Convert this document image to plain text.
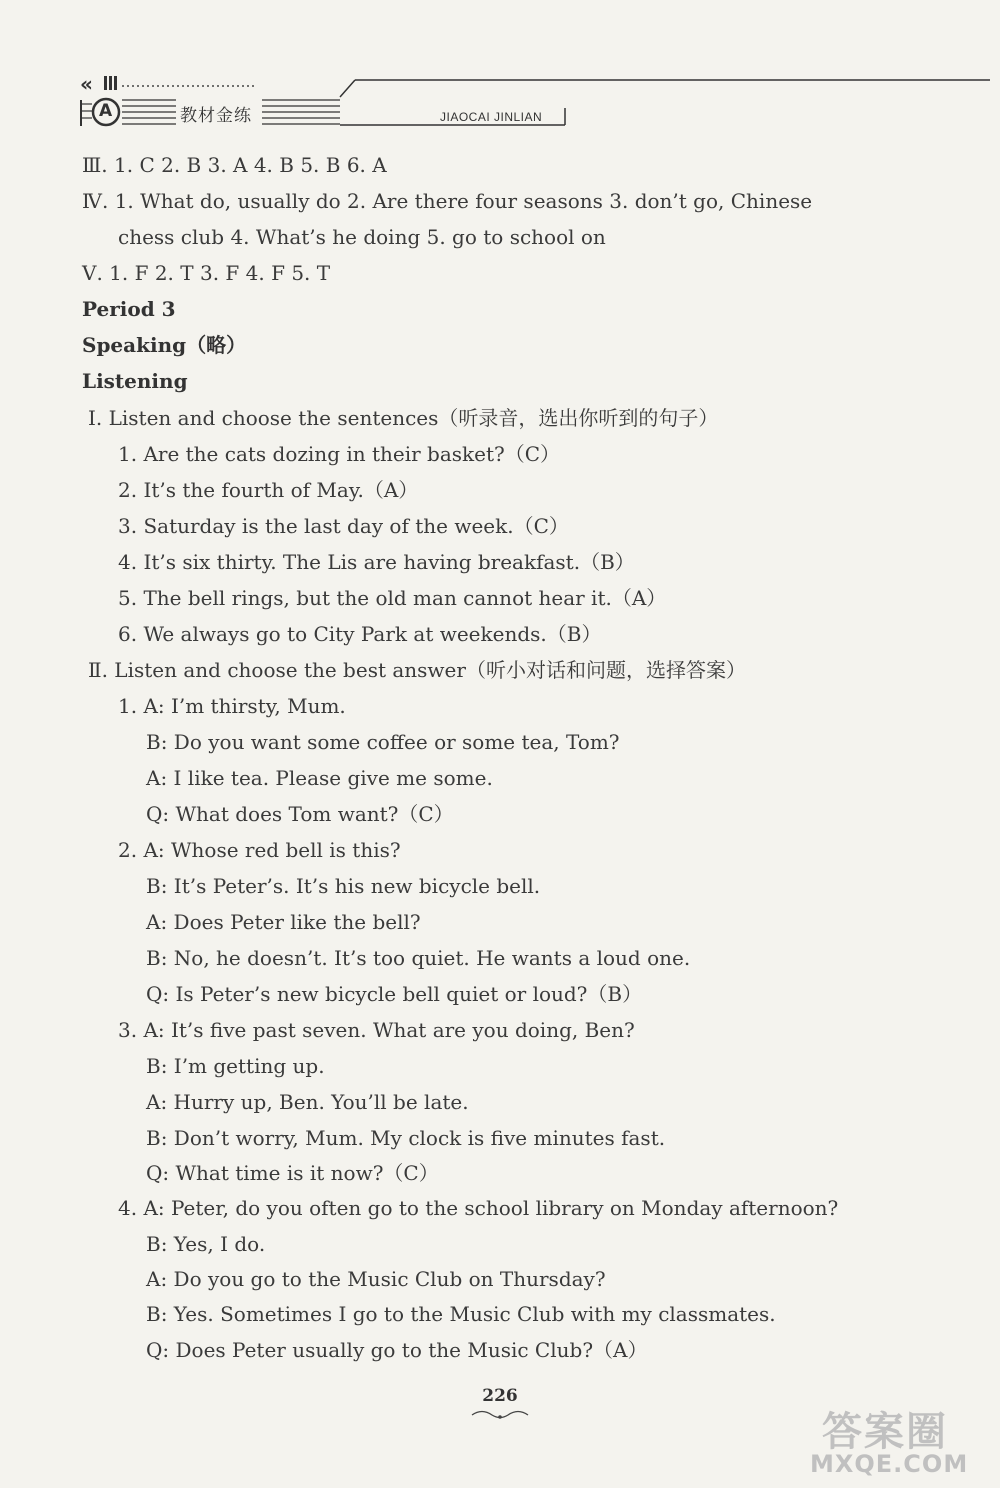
«
A	教材金练	JIAOCAI JINLIAN
Ⅲ. 1. C 2. B 3. A 4. B 5. B 6. A
Ⅳ. 1. What do, usually do 2. Are there four seasons 3. don’t go, Chinese
chess club 4. What’s he doing 5. go to school on
Ⅴ. 1. F 2. T 3. F 4. F 5. T
Period 3
Speaking（略）
Listening
Ⅰ. Listen and choose the sentences（听录音，选出你听到的句子）
1. Are the cats dozing in their basket?（C）
2. It’s the fourth of May.（A）
3. Saturday is the last day of the week.（C）
4. It’s six thirty. The Lis are having breakfast.（B）
5. The bell rings, but the old man cannot hear it.（A）
6. We always go to City Park at weekends.（B）
Ⅱ. Listen and choose the best answer（听小对话和问题，选择答案）
1. A: I’m thirsty, Mum.
B: Do you want some coffee or some tea, Tom?
A: I like tea. Please give me some.
Q: What does Tom want?（C）
2. A: Whose red bell is this?
B: It’s Peter’s. It’s his new bicycle bell.
A: Does Peter like the bell?
B: No, he doesn’t. It’s too quiet. He wants a loud one.
Q: Is Peter’s new bicycle bell quiet or loud?（B）
3. A: It’s five past seven. What are you doing, Ben?
B: I’m getting up.
A: Hurry up, Ben. You’ll be late.
B: Don’t worry, Mum. My clock is five minutes fast.
Q: What time is it now?（C）
4. A: Peter, do you often go to the school library on Monday afternoon?
B: Yes, I do.
A: Do you go to the Music Club on Thursday?
B: Yes. Sometimes I go to the Music Club with my classmates.
Q: Does Peter usually go to the Music Club?（A）
226
答案圈
MXQE.COM
